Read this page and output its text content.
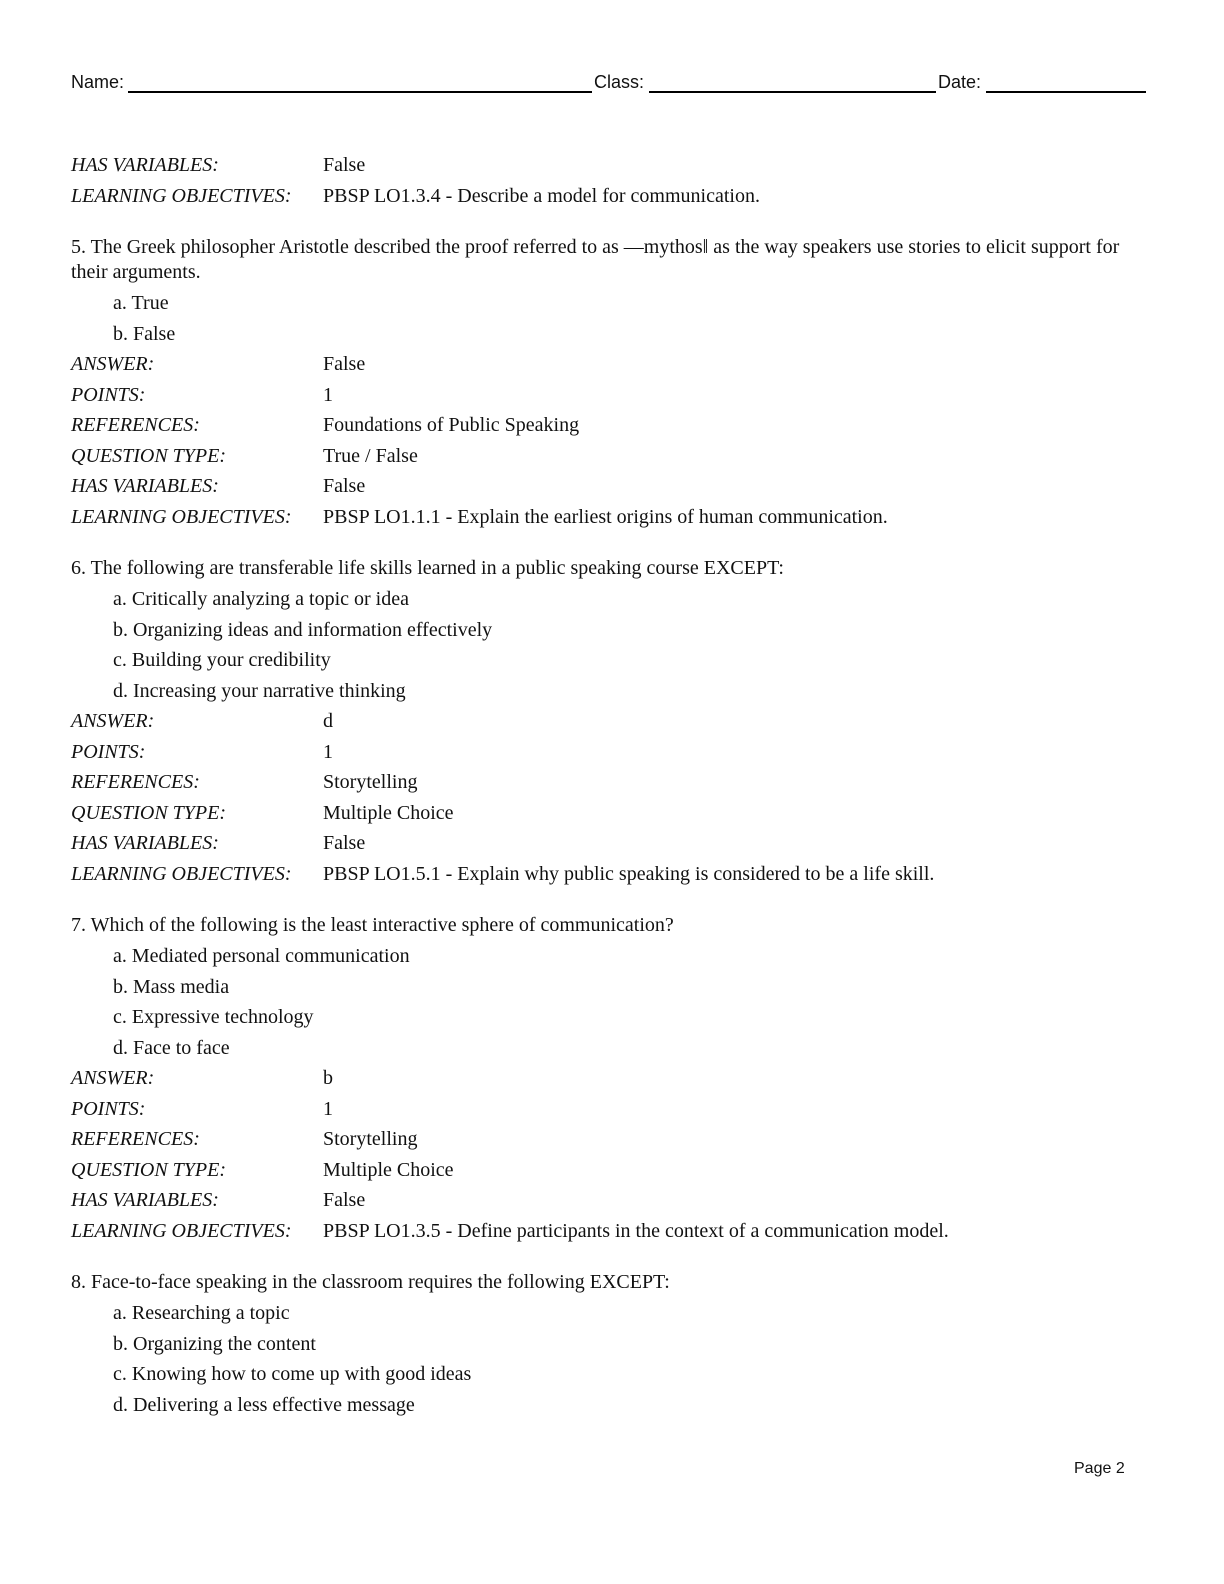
Name:	Class:	Date:
HAS VARIABLES:	False
LEARNING OBJECTIVES: PBSP LO1.3.4 - Describe a model for communication.
5. The Greek philosopher Aristotle described the proof referred to as —mythos‖ as the way speakers use stories to elicit support for their arguments.
a. True
b. False
ANSWER:	False
POINTS:	1
REFERENCES:	Foundations of Public Speaking
QUESTION TYPE:	True / False
HAS VARIABLES:	False
LEARNING OBJECTIVES: PBSP LO1.1.1 - Explain the earliest origins of human communication.
6. The following are transferable life skills learned in a public speaking course EXCEPT:
a. Critically analyzing a topic or idea
b. Organizing ideas and information effectively
c. Building your credibility
d. Increasing your narrative thinking
ANSWER:	d
POINTS:	1
REFERENCES:	Storytelling
QUESTION TYPE:	Multiple Choice
HAS VARIABLES:	False
LEARNING OBJECTIVES: PBSP LO1.5.1 - Explain why public speaking is considered to be a life skill.
7. Which of the following is the least interactive sphere of communication?
a. Mediated personal communication
b. Mass media
c. Expressive technology
d. Face to face
ANSWER:	b
POINTS:	1
REFERENCES:	Storytelling
QUESTION TYPE:	Multiple Choice
HAS VARIABLES:	False
LEARNING OBJECTIVES: PBSP LO1.3.5 - Define participants in the context of a communication model.
8. Face-to-face speaking in the classroom requires the following EXCEPT:
a. Researching a topic
b. Organizing the content
c. Knowing how to come up with good ideas
d. Delivering a less effective message
Page 2
